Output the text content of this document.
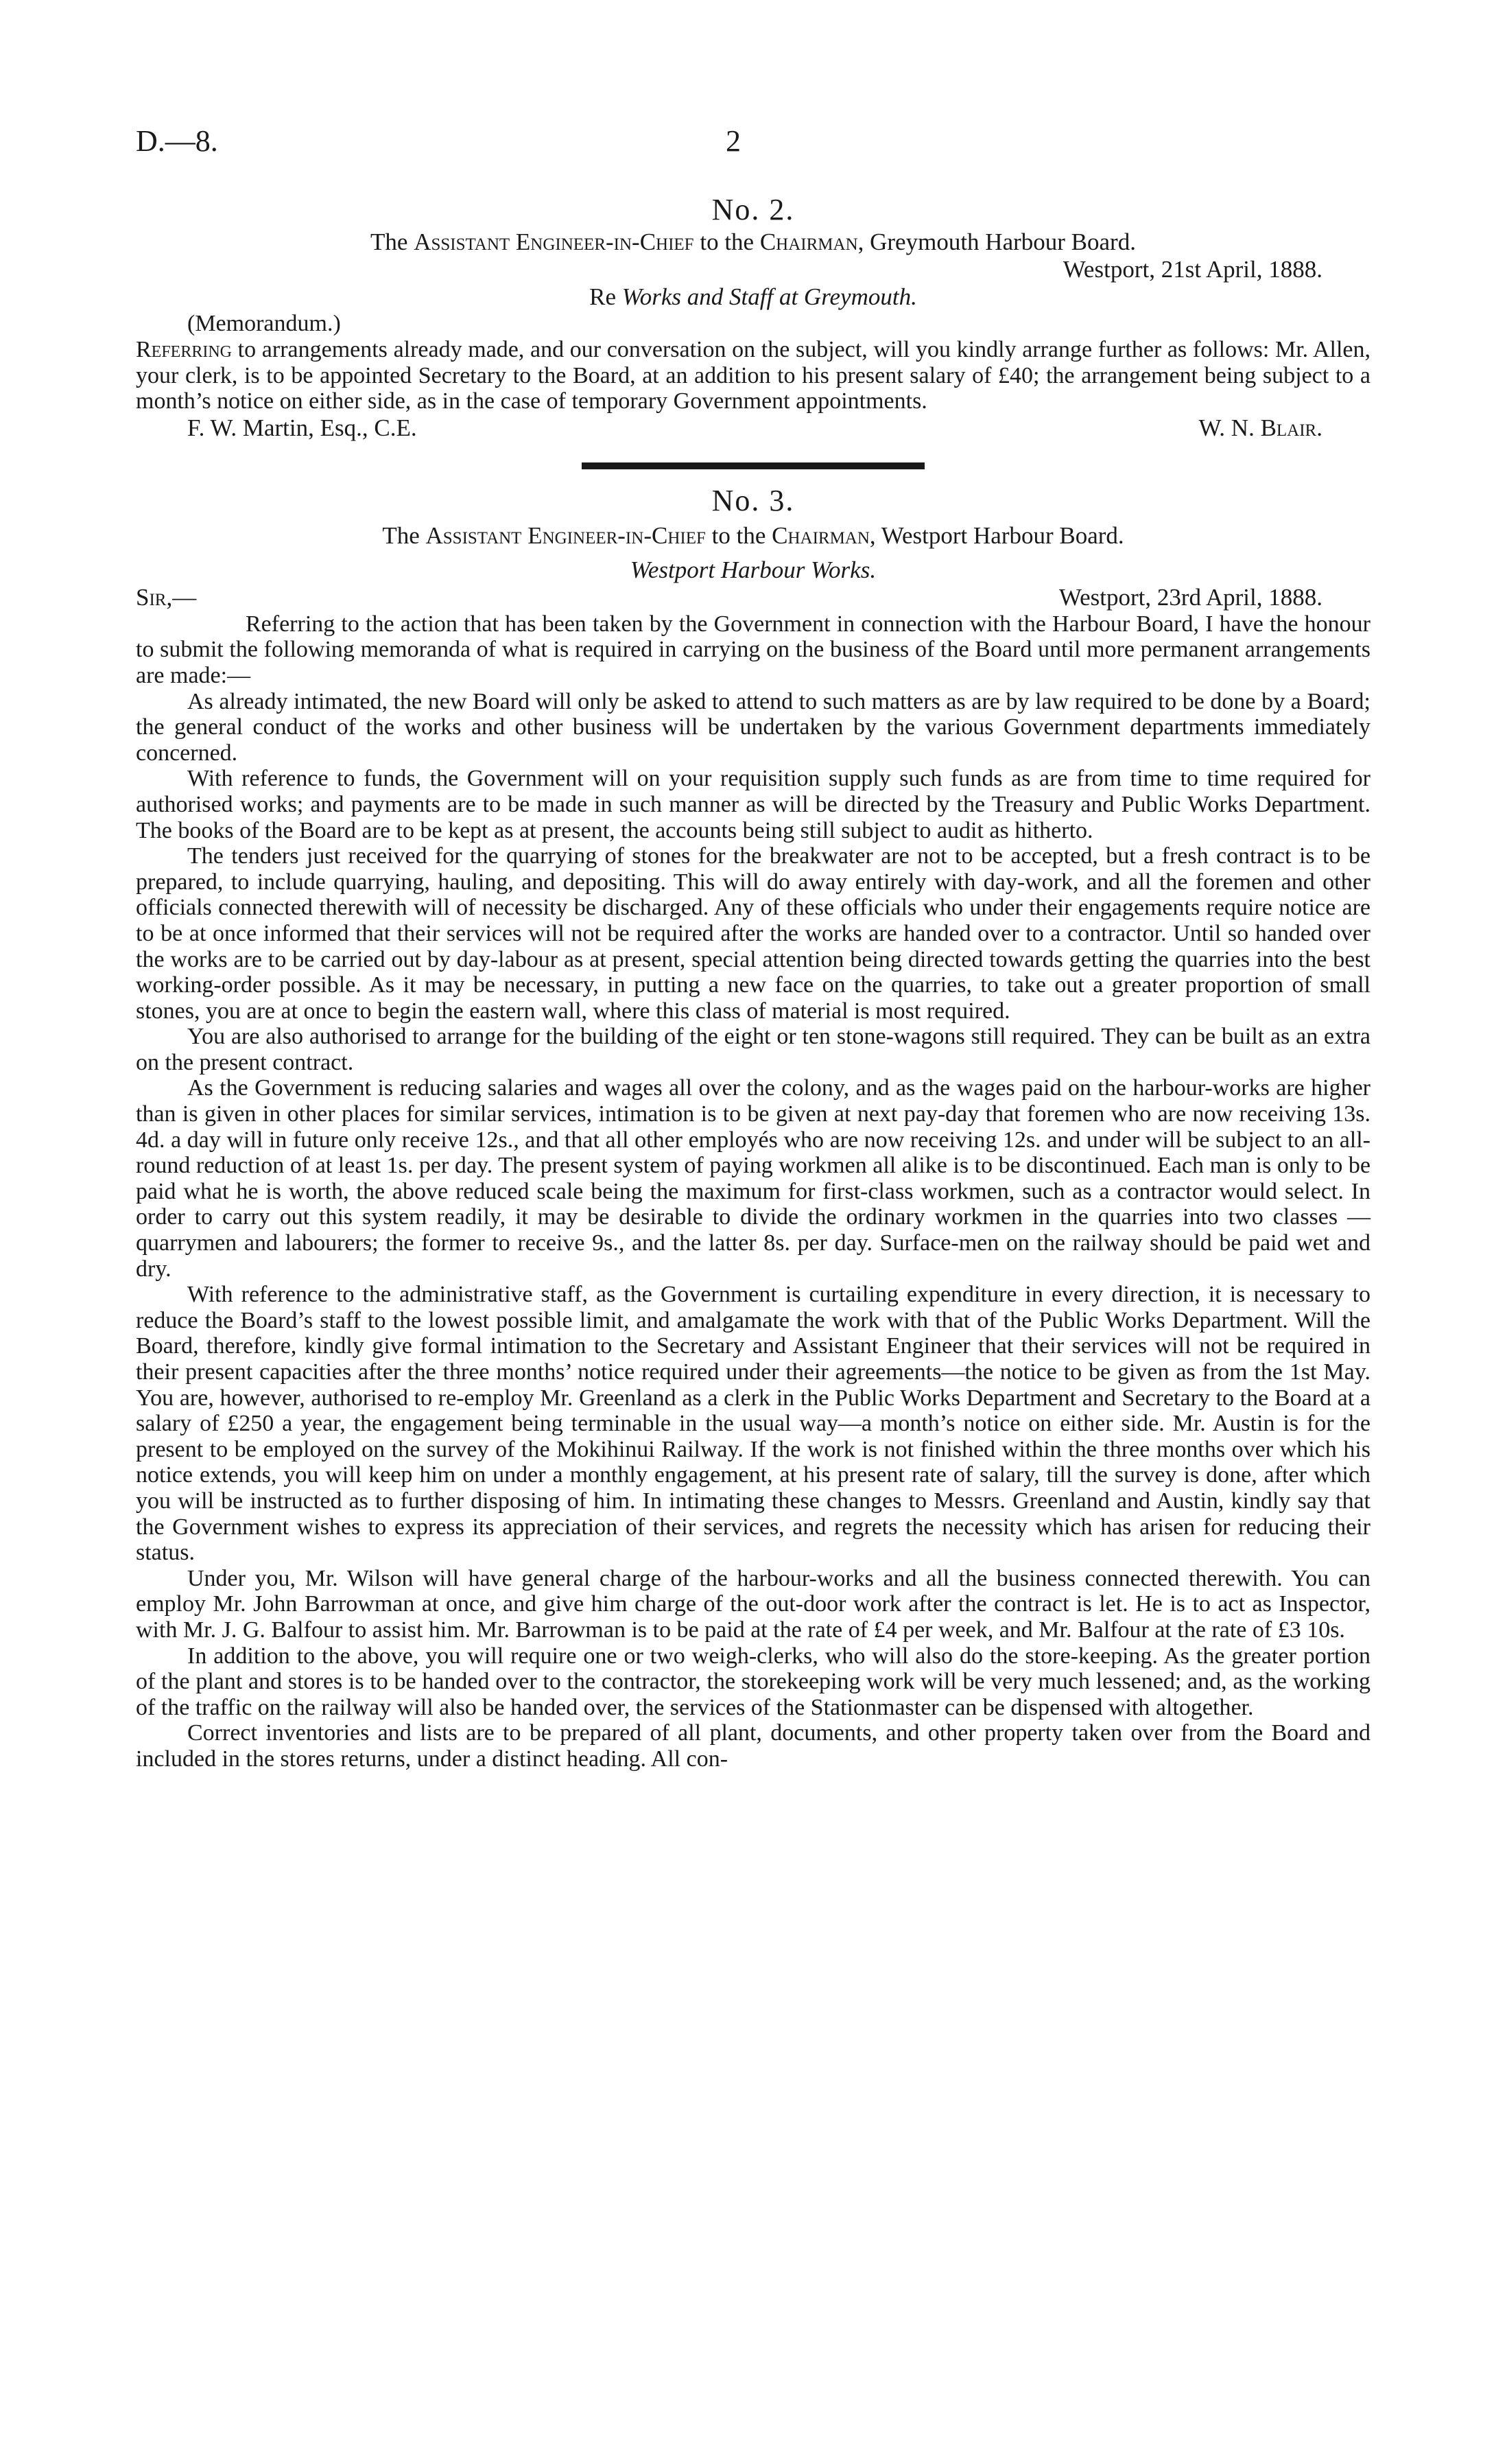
D.—8.	2
No. 2.
The Assistant Engineer-in-Chief to the Chairman, Greymouth Harbour Board.
Westport, 21st April, 1888.
Re Works and Staff at Greymouth.
(Memorandum.)

Referring to arrangements already made, and our conversation on the subject, will you kindly arrange further as follows: Mr. Allen, your clerk, is to be appointed Secretary to the Board, at an addition to his present salary of £40; the arrangement being subject to a month’s notice on either side, as in the case of temporary Government appointments.

F. W. Martin, Esq., C.E.	W. N. Blair.
No. 3.
The Assistant Engineer-in-Chief to the Chairman, Westport Harbour Board.
Westport Harbour Works.
Sir,—	Westport, 23rd April, 1888.

Referring to the action that has been taken by the Government in connection with the Harbour Board, I have the honour to submit the following memoranda of what is required in carrying on the business of the Board until more permanent arrangements are made:—

As already intimated, the new Board will only be asked to attend to such matters as are by law required to be done by a Board; the general conduct of the works and other business will be undertaken by the various Government departments immediately concerned.

With reference to funds, the Government will on your requisition supply such funds as are from time to time required for authorised works; and payments are to be made in such manner as will be directed by the Treasury and Public Works Department. The books of the Board are to be kept as at present, the accounts being still subject to audit as hitherto.

The tenders just received for the quarrying of stones for the breakwater are not to be accepted, but a fresh contract is to be prepared, to include quarrying, hauling, and depositing. This will do away entirely with day-work, and all the foremen and other officials connected therewith will of necessity be discharged. Any of these officials who under their engagements require notice are to be at once informed that their services will not be required after the works are handed over to a contractor. Until so handed over the works are to be carried out by day-labour as at present, special attention being directed towards getting the quarries into the best working-order possible. As it may be necessary, in putting a new face on the quarries, to take out a greater proportion of small stones, you are at once to begin the eastern wall, where this class of material is most required.

You are also authorised to arrange for the building of the eight or ten stone-wagons still required. They can be built as an extra on the present contract.

As the Government is reducing salaries and wages all over the colony, and as the wages paid on the harbour-works are higher than is given in other places for similar services, intimation is to be given at next pay-day that foremen who are now receiving 13s. 4d. a day will in future only receive 12s., and that all other employés who are now receiving 12s. and under will be subject to an all-round reduction of at least 1s. per day. The present system of paying workmen all alike is to be discontinued. Each man is only to be paid what he is worth, the above reduced scale being the maximum for first-class workmen, such as a contractor would select. In order to carry out this system readily, it may be desirable to divide the ordinary workmen in the quarries into two classes —quarrymen and labourers; the former to receive 9s., and the latter 8s. per day. Surface-men on the railway should be paid wet and dry.

With reference to the administrative staff, as the Government is curtailing expenditure in every direction, it is necessary to reduce the Board’s staff to the lowest possible limit, and amalgamate the work with that of the Public Works Department. Will the Board, therefore, kindly give formal intimation to the Secretary and Assistant Engineer that their services will not be required in their present capacities after the three months’ notice required under their agreements—the notice to be given as from the 1st May. You are, however, authorised to re-employ Mr. Greenland as a clerk in the Public Works Department and Secretary to the Board at a salary of £250 a year, the engagement being terminable in the usual way—a month’s notice on either side. Mr. Austin is for the present to be employed on the survey of the Mokihinui Railway. If the work is not finished within the three months over which his notice extends, you will keep him on under a monthly engagement, at his present rate of salary, till the survey is done, after which you will be instructed as to further disposing of him. In intimating these changes to Messrs. Greenland and Austin, kindly say that the Government wishes to express its appreciation of their services, and regrets the necessity which has arisen for reducing their status.

Under you, Mr. Wilson will have general charge of the harbour-works and all the business connected therewith. You can employ Mr. John Barrowman at once, and give him charge of the out-door work after the contract is let. He is to act as Inspector, with Mr. J. G. Balfour to assist him. Mr. Barrowman is to be paid at the rate of £4 per week, and Mr. Balfour at the rate of £3 10s.

In addition to the above, you will require one or two weigh-clerks, who will also do the store-keeping. As the greater portion of the plant and stores is to be handed over to the contractor, the storekeeping work will be very much lessened; and, as the working of the traffic on the railway will also be handed over, the services of the Stationmaster can be dispensed with altogether.

Correct inventories and lists are to be prepared of all plant, documents, and other property taken over from the Board and included in the stores returns, under a distinct heading. All con-
